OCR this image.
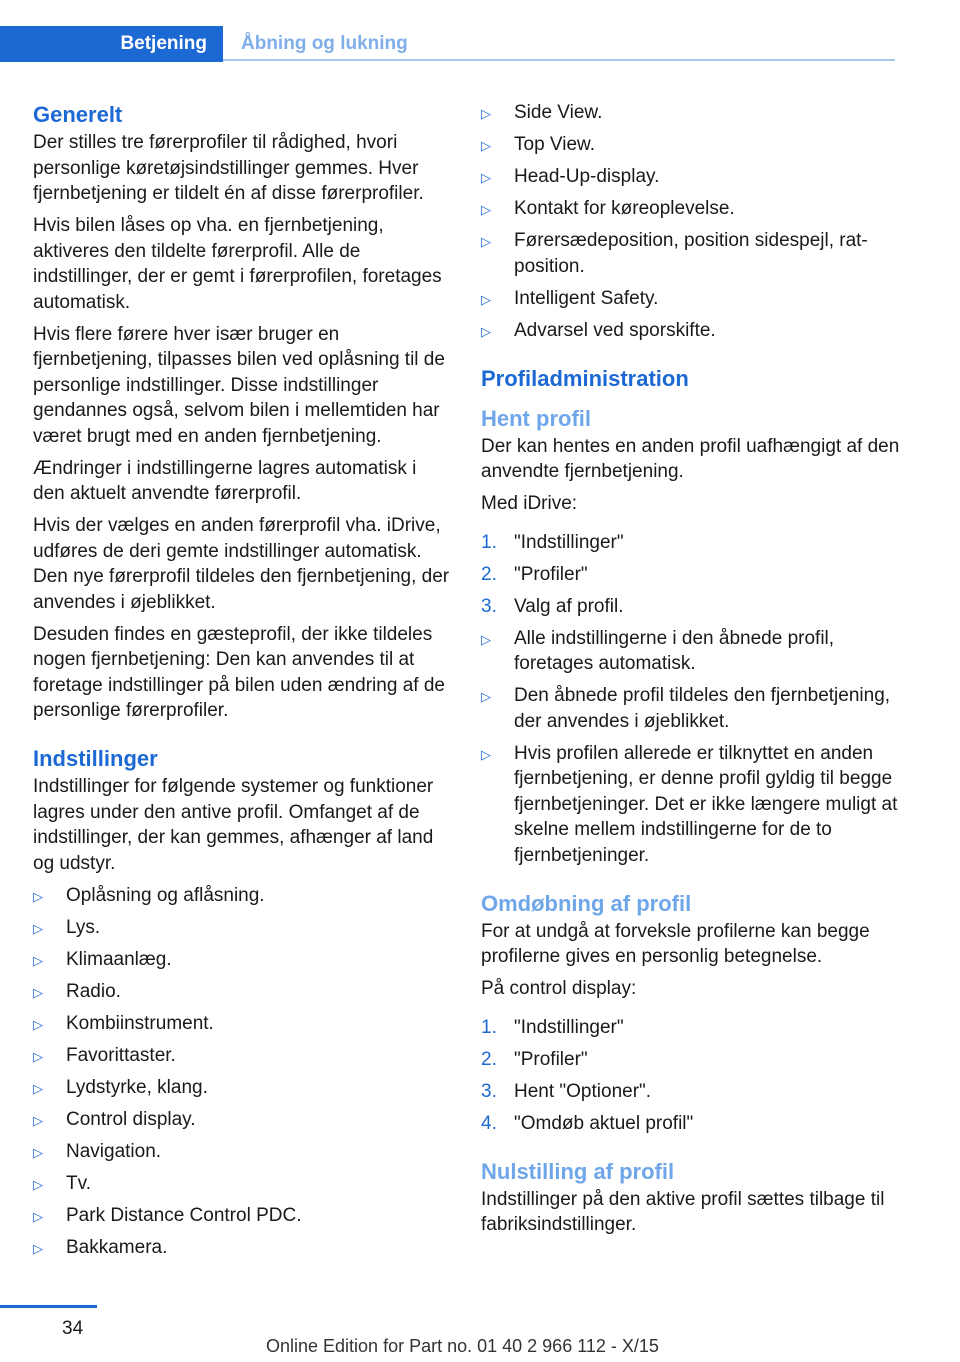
Betjening	Åbning og lukning
Generelt

Der stilles tre førerprofiler til rådighed, hvori personlige køretøjsindstillinger gemmes. Hver fjernbetjening er tildelt én af disse førerprofiler.

Hvis bilen låses op vha. en fjernbetjening, aktiveres den tildelte førerprofil. Alle de indstillinger, der er gemt i førerprofilen, foretages automatisk.

Hvis flere førere hver især bruger en fjernbetjening, tilpasses bilen ved oplåsning til de personlige indstillinger. Disse indstillinger gendannes også, selvom bilen i mellemtiden har været brugt med en anden fjernbetjening.

Ændringer i indstillingerne lagres automatisk i den aktuelt anvendte førerprofil.

Hvis der vælges en anden førerprofil vha. iDrive, udføres de deri gemte indstillinger automatisk. Den nye førerprofil tildeles den fjernbetjening, der anvendes i øjeblikket.

Desuden findes en gæsteprofil, der ikke tildeles nogen fjernbetjening: Den kan anvendes til at foretage indstillinger på bilen uden ændring af de personlige førerprofiler.

Indstillinger

Indstillinger for følgende systemer og funktioner lagres under den antive profil. Omfanget af de indstillinger, der kan gemmes, afhænger af land og udstyr.

▷ Oplåsning og aflåsning.
▷ Lys.
▷ Klimaanlæg.
▷ Radio.
▷ Kombiinstrument.
▷ Favorittaster.
▷ Lydstyrke, klang.
▷ Control display.
▷ Navigation.
▷ Tv.
▷ Park Distance Control PDC.
▷ Bakkamera.
▷ Side View.
▷ Top View.
▷ Head-Up-display.
▷ Kontakt for køreoplevelse.
▷ Førersædeposition, position sidespejl, rat-position.
▷ Intelligent Safety.
▷ Advarsel ved sporskifte.
Profiladministration
Hent profil

Der kan hentes en anden profil uafhængigt af den anvendte fjernbetjening.

Med iDrive:

1. "Indstillinger"
2. "Profiler"
3. Valg af profil.
▷ Alle indstillingerne i den åbnede profil, foretages automatisk.
▷ Den åbnede profil tildeles den fjernbetjening, der anvendes i øjeblikket.
▷ Hvis profilen allerede er tilknyttet en anden fjernbetjening, er denne profil gyldig til begge fjernbetjeninger. Det er ikke længere muligt at skelne mellem indstillingerne for de to fjernbetjeninger.
Omdøbning af profil

For at undgå at forveksle profilerne kan begge profilerne gives en personlig betegnelse.

På control display:

1. "Indstillinger"
2. "Profiler"
3. Hent "Optioner".
4. "Omdøb aktuel profil"
Nulstilling af profil

Indstillinger på den aktive profil sættes tilbage til fabriksindstillinger.

34
Online Edition for Part no. 01 40 2 966 112 - X/15
